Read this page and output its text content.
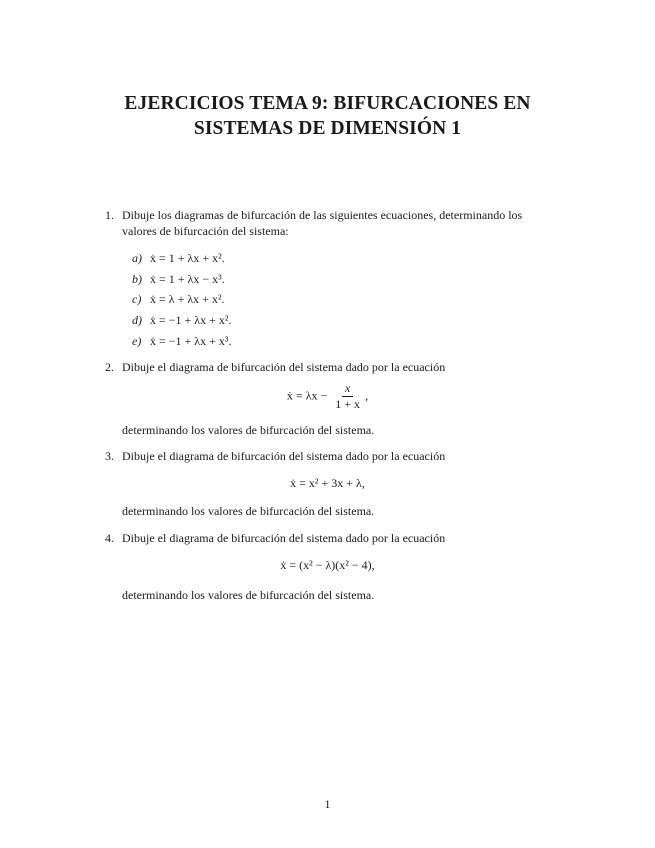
EJERCICIOS TEMA 9: BIFURCACIONES EN
SISTEMAS DE DIMENSIÓN 1
1. Dibuje los diagramas de bifurcación de las siguientes ecuaciones, determinando los
valores de bifurcación del sistema:
a) ẋ = 1 + λx + x².
b) ẋ = 1 + λx − x³.
c) ẋ = λ + λx + x².
d) ẋ = −1 + λx + x².
e) ẋ = −1 + λx + x³.
2. Dibuje el diagrama de bifurcación del sistema dado por la ecuación
ẋ = $\lambda x - \frac{x}{1 + x}$ ,
determinando los valores de bifurcación del sistema.
3. Dibuje el diagrama de bifurcación del sistema dado por la ecuación
ẋ = x² + 3x + λ,
determinando los valores de bifurcación del sistema.
4. Dibuje el diagrama de bifurcación del sistema dado por la ecuación
ẋ = (x² − λ)(x² − 4),
determinando los valores de bifurcación del sistema.
1
